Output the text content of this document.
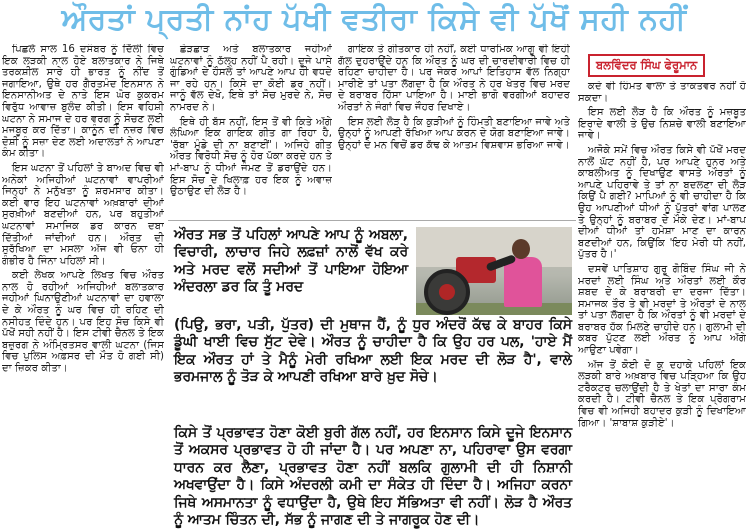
ਔਰਤਾਂ ਪ੍ਰਤੀ ਨਾਂਹ ਪੱਖੀ ਵਤੀਰਾ ਕਿਸੇ ਵੀ ਪੱਖੋਂ ਸਹੀ ਨਹੀਂ

ਪਿਛਲੇ ਸਾਲ 16 ਦਸੰਬਰ ਨੂੰ ਦਿੱਲੀ ਵਿਚ ਇਕ ਲੜਕੀ ਨਾਲ ਹੋਏ ਬਲਾਤਕਾਰ ਨੇ ਜਿਥੇ ਤਰਕਸ਼ੀਲ ਸਾਰੇ ਹੀ ਭਾਰਤ ਨੂੰ ਨੀਂਦ ਤੋਂ ਜਗਾਇਆ, ਉਥੇ ਹਰ ਗੈਰਤਮੰਦ ਇਨਸਾਨ ਨੇ ਇਨਸਾਨੀਅਤ ਦੇ ਨਾਤੇ ਇਸ ਘੋਰ ਕੁਕਰਮ ਵਿਰੁੱਧ ਆਵਾਜ਼ ਬੁਲੰਦ ਕੀਤੀ। ਇਸ ਵਹਿਸ਼ੀ ਘਟਨਾ ਨੇ ਸਮਾਜ ਦੇ ਹਰ ਵਰਗ ਨੂੰ ਸੋਚਣ ਲਈ ਮਜਬੂਰ ਕਰ ਦਿੱਤਾ। ਕਾਨੂੰਨ ਦੀ ਨਜ਼ਰ ਵਿਚ ਦੋਸ਼ੀ ਨੂੰ ਸਜ਼ਾ ਦੇਣ ਲਈ ਅਦਾਲਤਾਂ ਨੇ ਆਪਣਾ ਕੰਮ ਕੀਤਾ।

ਇਸ ਘਟਨਾ ਤੋਂ ਪਹਿਲਾਂ ਤੇ ਬਾਅਦ ਵਿਚ ਵੀ ਅਨੇਕਾਂ ਅਜਿਹੀਆਂ ਘਟਨਾਵਾਂ ਵਾਪਰੀਆਂ ਜਿਨ੍ਹਾਂ ਨੇ ਮਨੁੱਖਤਾ ਨੂੰ ਸ਼ਰਮਸਾਰ ਕੀਤਾ। ਕਈ ਵਾਰ ਇਹ ਘਟਨਾਵਾਂ ਅਖ਼ਬਾਰਾਂ ਦੀਆਂ ਸੁਰਖ਼ੀਆਂ ਬਣਦੀਆਂ ਹਨ, ਪਰ ਬਹੁਤੀਆਂ ਘਟਨਾਵਾਂ ਸਮਾਜਿਕ ਡਰ ਕਾਰਨ ਦਬਾ ਦਿੱਤੀਆਂ ਜਾਂਦੀਆਂ ਹਨ। ਔਰਤ ਦੀ ਸੁਰੱਖਿਆ ਦਾ ਮਸਲਾ ਅੱਜ ਵੀ ਓਨਾ ਹੀ ਗੰਭੀਰ ਹੈ ਜਿੰਨਾ ਪਹਿਲਾਂ ਸੀ।

ਕਈ ਲੇਖਕ ਆਪਣੇ ਲਿਖਤ ਵਿਚ ਔਰਤ ਨਾਲ ਹੋ ਰਹੀਆਂ ਅਜਿਹੀਆਂ ਬਲਾਤਕਾਰ ਜਹੀਆਂ ਘਿਨਾਉਣੀਆਂ ਘਟਨਾਵਾਂ ਦਾ ਹਵਾਲਾ ਦੇ ਕੇ ਔਰਤ ਨੂੰ ਘਰ ਵਿਚ ਹੀ ਰਹਿਣ ਦੀ ਨਸੀਹਤ ਦਿੰਦੇ ਹਨ। ਪਰ ਇਹ ਸੋਚ ਕਿਸੇ ਵੀ ਪੱਖੋਂ ਸਹੀ ਨਹੀਂ ਹੈ। ਇਸ ਟੀਵੀ ਚੈਨਲ ਤੇ ਇਕ ਬਜ਼ੁਰਗ ਨੇ ਅੰਮ੍ਰਿਤਸਰ ਵਾਲੀ ਘਟਨਾ (ਜਿਸ ਵਿਚ ਪੁਲਿਸ ਅਫ਼ਸਰ ਦੀ ਮੌਤ ਹੋ ਗਈ ਸੀ) ਦਾ ਜ਼ਿਕਰ ਕੀਤਾ।

ਛੇੜਛਾੜ ਅਤੇ ਬਲਾਤਕਾਰ ਜਹੀਆਂ ਘਟਨਾਵਾਂ ਨੂੰ ਠੱਲ੍ਹ ਨਹੀਂ ਪੈ ਰਹੀ। ਦੂਜੇ ਪਾਸੇ ਗੁੰਡਿਆਂ ਦੇ ਹੌਸਲੇ ਤਾਂ ਆਪਣੇ ਆਪ ਹੀ ਵਧਦੇ ਜਾ ਰਹੇ ਹਨ। ਕਿਸੇ ਦਾ ਕੋਈ ਡਰ ਨਹੀਂ। ਜਾਨੂੰ ਵੱਲ ਦੇਖੋ, ਇਥੇ ਤਾਂ ਸੋਚ ਮੁਰਦੇ ਨੇ, ਸੋਚ ਨਾਮਰਦ ਨੇ।

ਇਥੇ ਹੀ ਬੱਸ ਨਹੀਂ, ਇਸ ਤੋਂ ਵੀ ਕਿਤੇ ਅੱਗੇ ਲੰਘਿਆ ਇਕ ਗਾਇਕ ਗੀਤ ਗਾ ਰਿਹਾ ਹੈ, 'ਰੱਬਾ ਮੁੰਡੇ ਦੀ ਨਾ ਬਣਾਈਂ'। ਅਜਿਹੇ ਗੀਤ ਔਰਤ ਵਿਰੋਧੀ ਸੋਚ ਨੂੰ ਹੋਰ ਪੱਕਾ ਕਰਦੇ ਹਨ ਤੇ ਮਾਂ-ਬਾਪ ਨੂੰ ਧੀਆਂ ਜੰਮਣ ਤੋਂ ਡਰਾਉਂਦੇ ਹਨ। ਇਸ ਸੋਚ ਦੇ ਖਿਲਾਫ਼ ਹਰ ਇਕ ਨੂੰ ਅਵਾਜ਼ ਉਠਾਉਣ ਦੀ ਲੋੜ ਹੈ।

ਗਾਇਕ ਤੇ ਗੀਤਕਾਰ ਹੀ ਨਹੀਂ, ਕਈ ਧਾਰਮਿਕ ਆਗੂ ਵੀ ਇਹੀ ਗੱਲ ਦੁਹਰਾਉਂਦੇ ਹਨ ਕਿ ਔਰਤ ਨੂੰ ਘਰ ਦੀ ਚਾਰਦੀਵਾਰੀ ਵਿਚ ਹੀ ਰਹਿਣਾ ਚਾਹੀਦਾ ਹੈ। ਪਰ ਜੇਕਰ ਆਪਾਂ ਇਤਿਹਾਸ ਵੱਲ ਨਿਗ੍ਹਾ ਮਾਰੀਏ ਤਾਂ ਪਤਾ ਲੱਗਦਾ ਹੈ ਕਿ ਔਰਤ ਨੇ ਹਰ ਖੇਤਰ ਵਿਚ ਮਰਦ ਦੇ ਬਰਾਬਰ ਹਿੱਸਾ ਪਾਇਆ ਹੈ। ਮਾਈ ਭਾਗੋ ਵਰਗੀਆਂ ਬਹਾਦਰ ਔਰਤਾਂ ਨੇ ਜੰਗਾਂ ਵਿਚ ਜੌਹਰ ਦਿਖਾਏ।

ਇਸ ਲਈ ਲੋੜ ਹੈ ਕਿ ਕੁੜੀਆਂ ਨੂੰ ਹਿੰਮਤੀ ਬਣਾਇਆ ਜਾਵੇ ਅਤੇ ਉਨ੍ਹਾਂ ਨੂੰ ਆਪਣੀ ਰੱਖਿਆ ਆਪ ਕਰਨ ਦੇ ਯੋਗ ਬਣਾਇਆ ਜਾਵੇ। ਉਨ੍ਹਾਂ ਦੇ ਮਨ ਵਿਚੋਂ ਡਰ ਕੱਢ ਕੇ ਆਤਮ ਵਿਸ਼ਵਾਸ ਭਰਿਆ ਜਾਵੇ।

ਬਲਵਿੰਦਰ ਸਿੰਘ ਫੇਰੂਮਾਨ

ਕਦੇ ਵੀ ਹਿੰਮਤ ਵਾਲਾ ਤੇ ਤਾਕਤਵਰ ਨਹੀਂ ਹੋ ਸਕਦਾ।

ਇਸ ਲਈ ਲੋੜ ਹੈ ਕਿ ਔਰਤ ਨੂੰ ਮਜ਼ਬੂਤ ਇਰਾਦੇ ਵਾਲੀ ਤੇ ਉਚ ਨਿਸ਼ਚੇ ਵਾਲੀ ਬਣਾਇਆ ਜਾਵੇ।

ਅਜੋਕੇ ਸਮੇਂ ਵਿਚ ਔਰਤ ਕਿਸੇ ਵੀ ਪੱਖੋਂ ਮਰਦ ਨਾਲੋਂ ਘੱਟ ਨਹੀਂ ਹੈ, ਪਰ ਆਪਣੇ ਹੁਨਰ ਅਤੇ ਕਾਬਲੀਅਤ ਨੂੰ ਦਿਖਾਉਣ ਵਾਸਤੇ ਔਰਤਾਂ ਨੂੰ ਆਪਣੇ ਪਹਿਰਾਵੇ ਤੇ ਤਾਂ ਨਾ ਬਦਲਣਾ ਦੀ ਲੋੜ ਕਿਉਂ ਪੈ ਗਈ? ਮਾਪਿਆਂ ਨੂੰ ਵੀ ਚਾਹੀਦਾ ਹੈ ਕਿ ਉਹ ਆਪਣੀਆਂ ਧੀਆਂ ਨੂੰ ਪੁੱਤਰਾਂ ਵਾਂਗ ਪਾਲਣ ਤੇ ਉਨ੍ਹਾਂ ਨੂੰ ਬਰਾਬਰ ਦੇ ਮੌਕੇ ਦੇਣ। ਮਾਂ-ਬਾਪ ਦੀਆਂ ਧੀਆਂ ਤਾਂ ਹਮੇਸ਼ਾ ਮਾਣ ਦਾ ਕਾਰਨ ਬਣਦੀਆਂ ਹਨ, ਕਿਉਂਕਿ 'ਇਹ ਮੇਰੀ ਧੀ ਨਹੀਂ, ਪੁੱਤਰ ਹੈ।'

ਦਸਵੇਂ ਪਾਤਿਸ਼ਾਹ ਗੁਰੂ ਗੋਬਿੰਦ ਸਿੰਘ ਜੀ ਨੇ ਮਰਦਾਂ ਲਈ ਸਿੰਘ ਅਤੇ ਔਰਤਾਂ ਲਈ ਕੌਰ ਸ਼ਬਦ ਦੇ ਕੇ ਬਰਾਬਰੀ ਦਾ ਦਰਜਾ ਦਿੱਤਾ। ਸਮਾਜਕ ਤੌਰ ਤੇ ਵੀ ਮਰਦਾਂ ਤੇ ਔਰਤਾਂ ਦੇ ਨਾਲ ਤਾਂ ਪਤਾ ਲੱਗਦਾ ਹੈ ਕਿ ਔਰਤਾਂ ਨੂੰ ਵੀ ਮਰਦਾਂ ਦੇ ਬਰਾਬਰ ਹੱਕ ਮਿਲਣੇ ਚਾਹੀਦੇ ਹਨ। ਗੁਲਾਮੀ ਦੀ ਕਬਰ ਪੁੱਟਣ ਲਈ ਔਰਤ ਨੂੰ ਆਪ ਅੱਗੇ ਆਉਣਾ ਪਵੇਗਾ।

ਅੱਜ ਤੋਂ ਕੋਈ ਦੋ ਕੁ ਦਹਾਕੇ ਪਹਿਲਾਂ ਇਕ ਲੜਕੀ ਬਾਰੇ ਅਖ਼ਬਾਰ ਵਿਚ ਪੜ੍ਹਿਆ ਕਿ ਉਹ ਟਰੈਕਟਰ ਚਲਾਉਂਦੀ ਹੈ ਤੇ ਖੇਤਾਂ ਦਾ ਸਾਰਾ ਕੰਮ ਕਰਦੀ ਹੈ। ਟੀਵੀ ਚੈਨਲ ਤੇ ਇਕ ਪ੍ਰੋਗਰਾਮ ਵਿਚ ਵੀ ਅਜਿਹੀ ਬਹਾਦਰ ਕੁੜੀ ਨੂੰ ਦਿਖਾਇਆ ਗਿਆ। 'ਸ਼ਾਬਾਸ਼ ਕੁੜੀਏ'।

ਔਰਤ ਸਭ ਤੋਂ ਪਹਿਲਾਂ ਆਪਣੇ ਆਪ ਨੂੰ ਅਬਲਾ, ਵਿਚਾਰੀ, ਲਾਚਾਰ ਜਿਹੇ ਲਫ਼ਜ਼ਾਂ ਨਾਲੋਂ ਵੱਖ ਕਰੇ ਅਤੇ ਮਰਦ ਵਲੋਂ ਸਦੀਆਂ ਤੋਂ ਪਾਇਆ ਹੋਇਆ ਅੰਦਰਲਾ ਡਰ ਕਿ ਤੂੰ ਮਰਦ
(ਪਿਉ, ਭਰਾ, ਪਤੀ, ਪੁੱਤਰ) ਦੀ ਮੁਥਾਜ ਹੈਂ, ਨੂੰ ਧੁਰ ਅੰਦਰੋਂ ਕੱਢ ਕੇ ਬਾਹਰ ਕਿਸੇ ਡੂੰਘੀ ਖਾਈ ਵਿਚ ਸੁੱਟ ਦੇਵੇ। ਔਰਤ ਨੂੰ ਚਾਹੀਦਾ ਹੈ ਕਿ ਉਹ ਹਰ ਪਲ, 'ਹਾਏ ਮੈਂ ਇਕ ਔਰਤ ਹਾਂ ਤੇ ਮੈਨੂੰ ਮੇਰੀ ਰਖਿਆ ਲਈ ਇਕ ਮਰਦ ਦੀ ਲੋੜ ਹੈ', ਵਾਲੇ ਭਰਮਜਾਲ ਨੂੰ ਤੋੜ ਕੇ ਆਪਣੀ ਰਖਿਆ ਬਾਰੇ ਖ਼ੁਦ ਸੋਚੇ।
ਕਿਸੇ ਤੋਂ ਪ੍ਰਭਾਵਤ ਹੋਣਾ ਕੋਈ ਬੁਰੀ ਗੱਲ ਨਹੀਂ, ਹਰ ਇਨਸਾਨ ਕਿਸੇ ਦੂਜੇ ਇਨਸਾਨ ਤੋਂ ਅਕਸਰ ਪ੍ਰਭਾਵਤ ਹੋ ਹੀ ਜਾਂਦਾ ਹੈ। ਪਰ ਅਪਣਾ ਨਾ, ਪਹਿਰਾਵਾ ਉਸ ਵਰਗਾ ਧਾਰਨ ਕਰ ਲੈਣਾ, ਪ੍ਰਭਾਵਤ ਹੋਣਾ ਨਹੀਂ ਬਲਕਿ ਗੁਲਾਮੀ ਦੀ ਹੀ ਨਿਸ਼ਾਨੀ ਅਖਵਾਉਂਦਾ ਹੈ। ਕਿਸੇ ਅੰਦਰਲੀ ਕਮੀ ਦਾ ਸੰਕੇਤ ਹੀ ਦਿੰਦਾ ਹੈ। ਅਜਿਹਾ ਕਰਨਾ ਜਿਥੇ ਅਸਮਾਨਤਾ ਨੂੰ ਵਧਾਉਂਦਾ ਹੈ, ਉਥੇ ਇਹ ਸੱਭਿਅਤਾ ਵੀ ਨਹੀਂ। ਲੋੜ ਹੈ ਔਰਤ ਨੂੰ ਆਤਮ ਚਿੰਤਨ ਦੀ, ਸੱਭ ਨੂੰ ਜਾਗਣ ਦੀ ਤੇ ਜਾਗਰੂਕ ਹੋਣ ਦੀ।
